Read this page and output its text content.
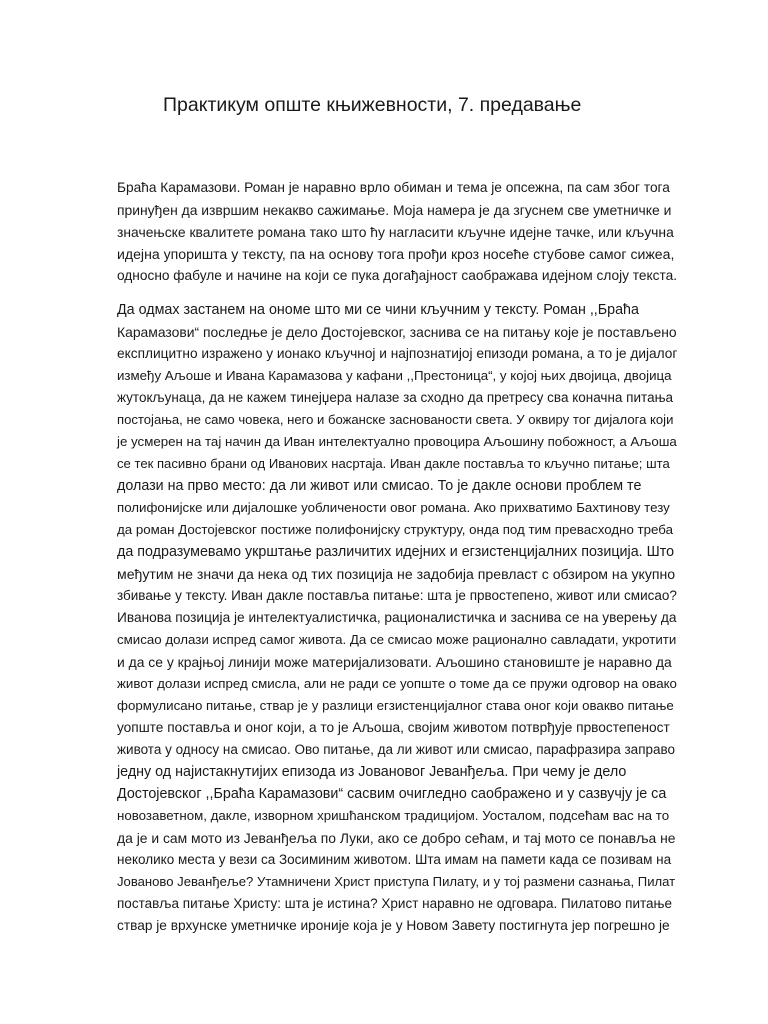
Практикум опште књижевности, 7. предавање

Браћа Карамазови. Роман је наравно врло обиман и тема је опсежна, па сам због тога
принуђен да извршим некакво сажимање. Моја намера је да згуснем све уметничке и
значењске квалитете романа тако што ћу нагласити кључне идејне тачке, или кључна
идејна упоришта у тексту, па на основу тога прођи кроз носеће стубове самог сижеа,
односно фабуле и начине на који се пука догађајност саображава идејном слоју текста.

Да одмах застанем на ономе што ми се чини кључним у тексту. Роман ,,Браћа
Карамазови“ последње је дело Достојевског, заснива се на питању које је постављено
експлицитно изражено у ионако кључној и најпознатијој епизоди романа, а то је дијалог
између Аљоше и Ивана Карамазова у кафани ,,Престоница“, у којој њих двојица, двојица
жутокљунаца, да не кажем тинејџера налазе за сходно да претресу сва коначна питања
постојања, не само човека, него и божанске заснованости света. У оквиру тог дијалога који
је усмерен на тај начин да Иван интелектуално провоцира Аљошину побожност, а Аљоша
се тек пасивно брани од Иванових насртаја. Иван дакле поставља то кључно питање; шта
долази на прво место: да ли живот или смисао. То је дакле основи проблем те
полифонијске или дијалошке уобличености овог романа. Ако прихватимо Бахтинову тезу
да роман Достојевског постиже полифонијску структуру, онда под тим превасходно треба
да подразумевамо укрштање различитих идејних и егзистенцијалних позиција. Што
међутим не значи да нека од тих позиција не задобија превласт с обзиром на укупно
збивање у тексту. Иван дакле поставља питање: шта је првостепено, живот или смисао?
Иванова позиција је интелектуалистичка, рационалистичка и заснива се на уверењу да
смисао долази испред самог живота. Да се смисао може рационално савладати, укротити
и да се у крајњој линији може материјализовати. Аљошино становиште је наравно да
живот долази испред смисла, али не ради се уопште о томе да се пружи одговор на овако
формулисано питање, ствар је у разлици егзистенцијалног става оног који овакво питање
уопште поставља и оног који, а то је Аљоша, својим животом потврђује првостепеност
живота у односу на смисао. Ово питање, да ли живот или смисао, парафразира заправо
једну од најистакнутијих епизода из Јовановог Јеванђеља. При чему је дело
Достојевског ,,Браћа Карамазови“ сасвим очигледно саображено и у сазвучју је са
новозаветном, дакле, изворном хришћанском традицијом. Уосталом, подсећам вас на то
да је и сам мото из Јеванђеља по Луки, ако се добро сећам, и тај мото се понавља не
неколико места у вези са Зосиминим животом. Шта имам на памети када се позивам на
Јованово Јеванђеље? Утамничени Христ приступа Пилату, и у тој размени сазнања, Пилат
поставља питање Христу: шта је истина? Христ наравно не одговара. Пилатово питање
ствар је врхунске уметничке ироније која је у Новом Завету постигнута јер погрешно је
